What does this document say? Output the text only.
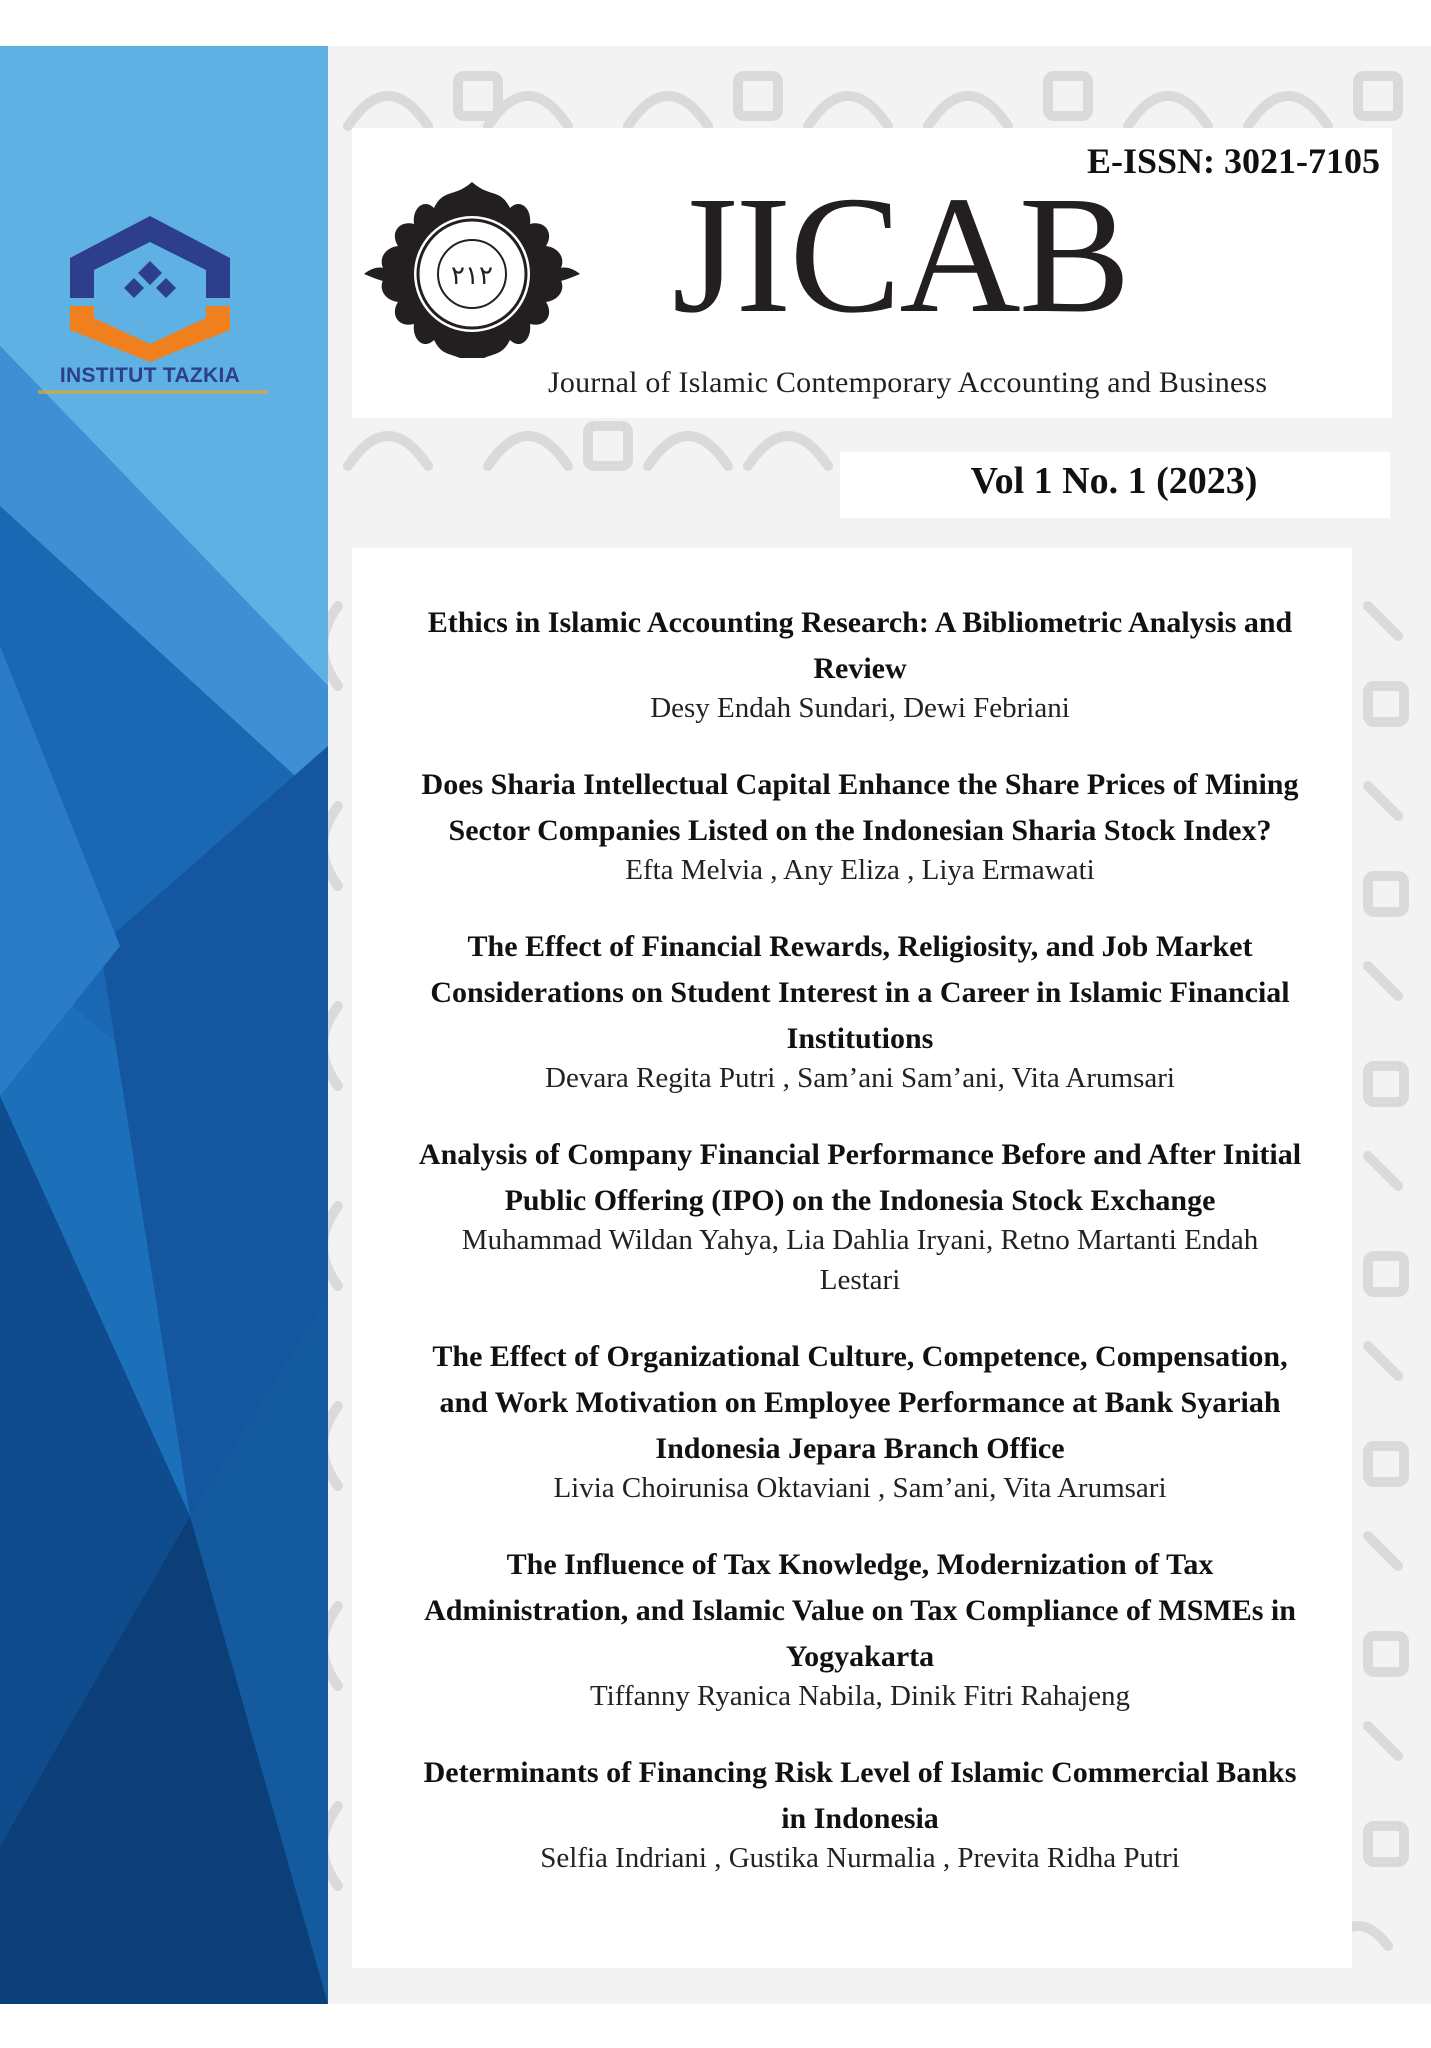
INSTITUT TAZKIA
E-ISSN: 3021-7105
٢١٢ JICAB
Journal of Islamic Contemporary Accounting and Business
Vol 1 No. 1 (2023)
Ethics in Islamic Accounting Research: A Bibliometric Analysis and
Review
Desy Endah Sundari, Dewi Febriani
Does Sharia Intellectual Capital Enhance the Share Prices of Mining
Sector Companies Listed on the Indonesian Sharia Stock Index?
Efta Melvia , Any Eliza , Liya Ermawati
The Effect of Financial Rewards, Religiosity, and Job Market
Considerations on Student Interest in a Career in Islamic Financial
Institutions
Devara Regita Putri , Sam’ani Sam’ani, Vita Arumsari
Analysis of Company Financial Performance Before and After Initial
Public Offering (IPO) on the Indonesia Stock Exchange
Muhammad Wildan Yahya, Lia Dahlia Iryani, Retno Martanti Endah
Lestari
The Effect of Organizational Culture, Competence, Compensation,
and Work Motivation on Employee Performance at Bank Syariah
Indonesia Jepara Branch Office
Livia Choirunisa Oktaviani , Sam’ani, Vita Arumsari
The Influence of Tax Knowledge, Modernization of Tax
Administration, and Islamic Value on Tax Compliance of MSMEs in
Yogyakarta
Tiffanny Ryanica Nabila, Dinik Fitri Rahajeng
Determinants of Financing Risk Level of Islamic Commercial Banks
in Indonesia
Selfia Indriani , Gustika Nurmalia , Previta Ridha Putri
